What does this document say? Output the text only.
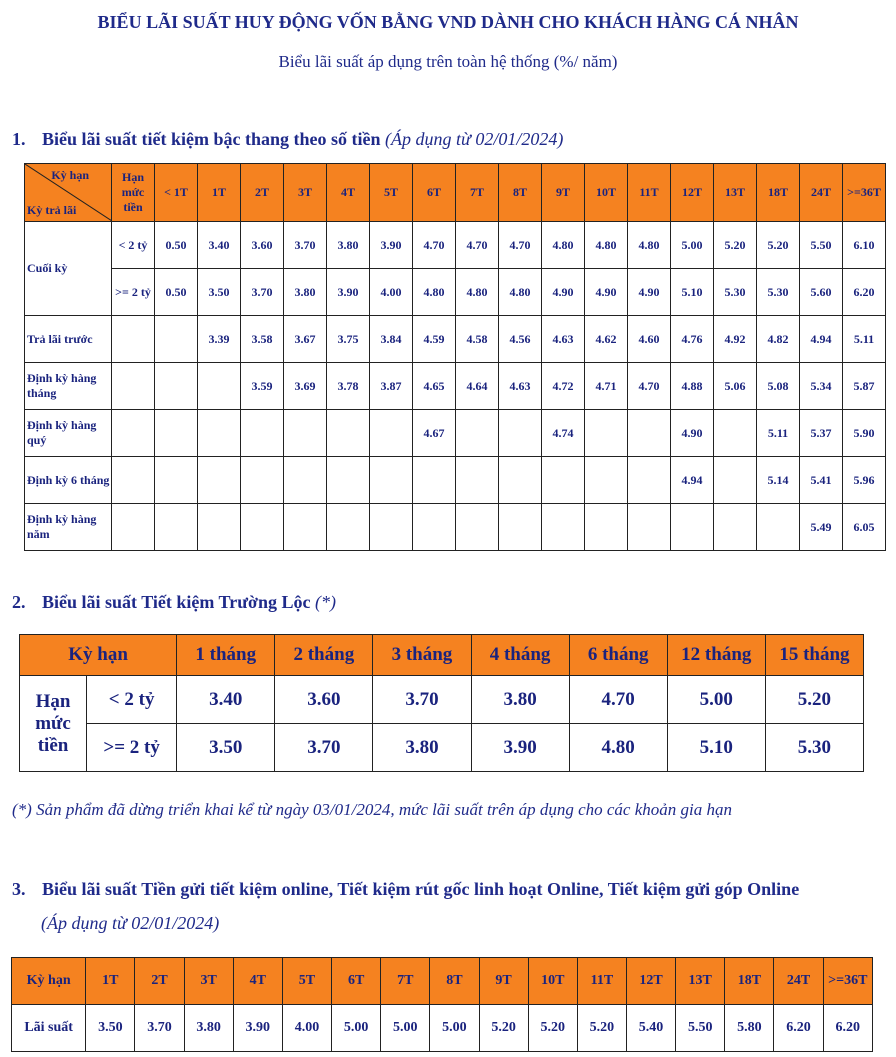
BIỂU LÃI SUẤT HUY ĐỘNG VỐN BẰNG VND DÀNH CHO KHÁCH HÀNG CÁ NHÂN
Biểu lãi suất áp dụng trên toàn hệ thống (%/ năm)
1. Biểu lãi suất tiết kiệm bậc thang theo số tiền (Áp dụng từ 02/01/2024)
Kỳ hạn
Kỳ trả lãi	Hạn mức tiền	< 1T	1T	2T	3T	4T	5T	6T	7T	8T	9T	10T	11T	12T	13T	18T	24T	>=36T
Cuối kỳ	< 2 tỷ	0.50	3.40	3.60	3.70	3.80	3.90	4.70	4.70	4.70	4.80	4.80	4.80	5.00	5.20	5.20	5.50	6.10
	>= 2 tỷ	0.50	3.50	3.70	3.80	3.90	4.00	4.80	4.80	4.80	4.90	4.90	4.90	5.10	5.30	5.30	5.60	6.20
Trả lãi trước			3.39	3.58	3.67	3.75	3.84	4.59	4.58	4.56	4.63	4.62	4.60	4.76	4.92	4.82	4.94	5.11
Định kỳ hàng tháng				3.59	3.69	3.78	3.87	4.65	4.64	4.63	4.72	4.71	4.70	4.88	5.06	5.08	5.34	5.87
Định kỳ hàng quý								4.67			4.74			4.90		5.11	5.37	5.90
Định kỳ 6 tháng														4.94		5.14	5.41	5.96
Định kỳ hàng năm																	5.49	6.05
2. Biểu lãi suất Tiết kiệm Trường Lộc (*)
Kỳ hạn		1 tháng	2 tháng	3 tháng	4 tháng	6 tháng	12 tháng	15 tháng
Hạn mức tiền	< 2 tỷ	3.40	3.60	3.70	3.80	4.70	5.00	5.20
	>= 2 tỷ	3.50	3.70	3.80	3.90	4.80	5.10	5.30
(*) Sản phẩm đã dừng triển khai kể từ ngày 03/01/2024, mức lãi suất trên áp dụng cho các khoản gia hạn
3. Biểu lãi suất Tiền gửi tiết kiệm online, Tiết kiệm rút gốc linh hoạt Online, Tiết kiệm gửi góp Online
(Áp dụng từ 02/01/2024)
Kỳ hạn	1T	2T	3T	4T	5T	6T	7T	8T	9T	10T	11T	12T	13T	18T	24T	>=36T
Lãi suất	3.50	3.70	3.80	3.90	4.00	5.00	5.00	5.00	5.20	5.20	5.20	5.40	5.50	5.80	6.20	6.20
